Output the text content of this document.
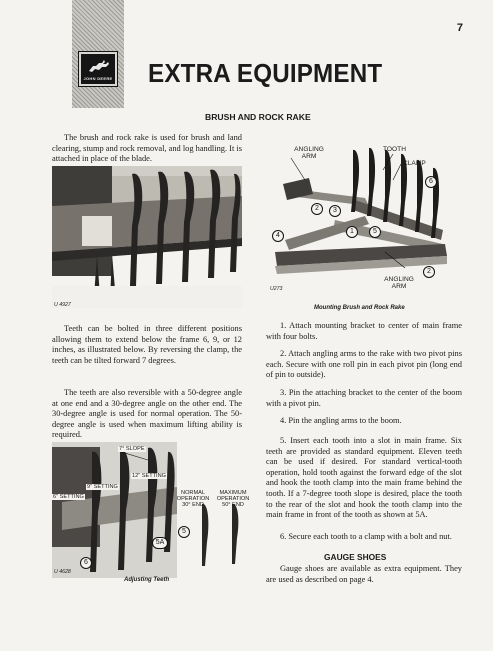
JOHN DEERE
7
EXTRA EQUIPMENT
BRUSH AND ROCK RAKE
The brush and rock rake is used for brush and land clearing, stump and rock removal, and log handling. It is attached in place of the blade.
U 4927
Teeth can be bolted in three different positions allowing them to extend below the frame 6, 9, or 12 inches, as illustrated below. By reversing the clamp, the teeth can be tilted forward 7 degrees.
The teeth are also reversible with a 50-degree angle at one end and a 30-degree angle on the other end. The 30-degree angle is used for normal operation. The 50-degree angle is used when maximum lifting ability is required.
7° SLOPE
12" SETTING
9" SETTING
6" SETTING
NORMAL OPERATION 30° END
MAXIMUM OPERATION 50° END
5A
5
6
U 4628
Adjusting Teeth
ANGLING ARM
TOOTH
CLAMP
ANGLING ARM
1
2	3
4
5
6
2
U273
Mounting Brush and Rock Rake
1. Attach mounting bracket to center of main frame with four bolts.
2. Attach angling arms to the rake with two pivot pins each. Secure with one roll pin in each pivot pin (long end of pin to outside).
3. Pin the attaching bracket to the center of the boom with a pivot pin.
4. Pin the angling arms to the boom.
5. Insert each tooth into a slot in main frame. Six teeth are provided as standard equipment. Eleven teeth can be used if desired. For standard vertical-tooth operation, hold tooth against the forward edge of the slot and hook the tooth clamp into the main frame behind the tooth. If a 7-degree tooth slope is desired, place the tooth to the rear of the slot and hook the tooth clamp into the main frame in front of the tooth as shown at 5A.
6. Secure each tooth to a clamp with a bolt and nut.
GAUGE SHOES
Gauge shoes are available as extra equipment. They are used as described on page 4.
